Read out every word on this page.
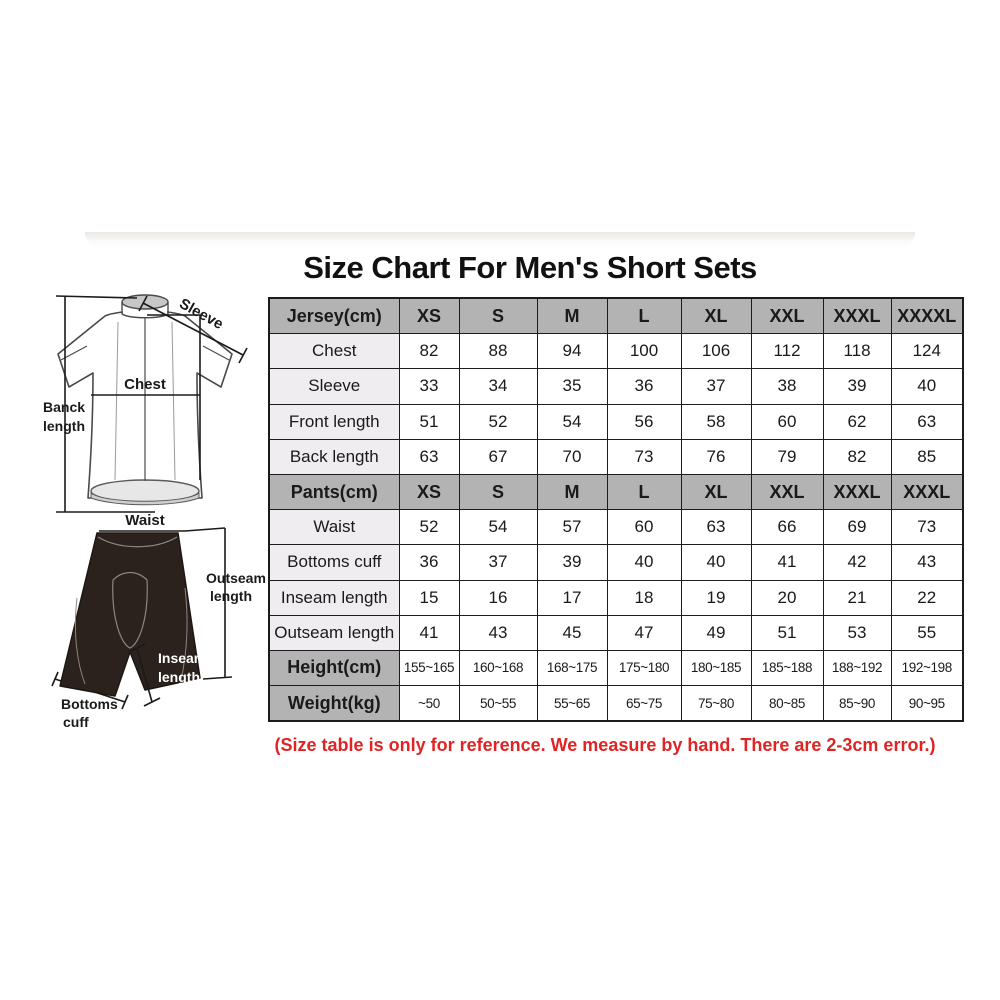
Size Chart For Men's Short Sets
Chest
Sleeve
Banck
length
Waist
Inseam
length
Outseam
length
Bottoms
cuff
Jersey(cm)	XS	S	M	L	XL	XXL	XXXL	XXXXL
Chest	82	88	94	100	106	112	118	124
Sleeve	33	34	35	36	37	38	39	40
Front length	51	52	54	56	58	60	62	63
Back length	63	67	70	73	76	79	82	85
Pants(cm)	XS	S	M	L	XL	XXL	XXXL	XXXL
Waist	52	54	57	60	63	66	69	73
Bottoms cuff	36	37	39	40	40	41	42	43
Inseam length	15	16	17	18	19	20	21	22
Outseam length	41	43	45	47	49	51	53	55
Height(cm)	155~165	160~168	168~175	175~180	180~185	185~188	188~192	192~198
Weight(kg)	~50	50~55	55~65	65~75	75~80	80~85	85~90	90~95
(Size table is only for reference. We measure by hand. There are 2-3cm error.)
